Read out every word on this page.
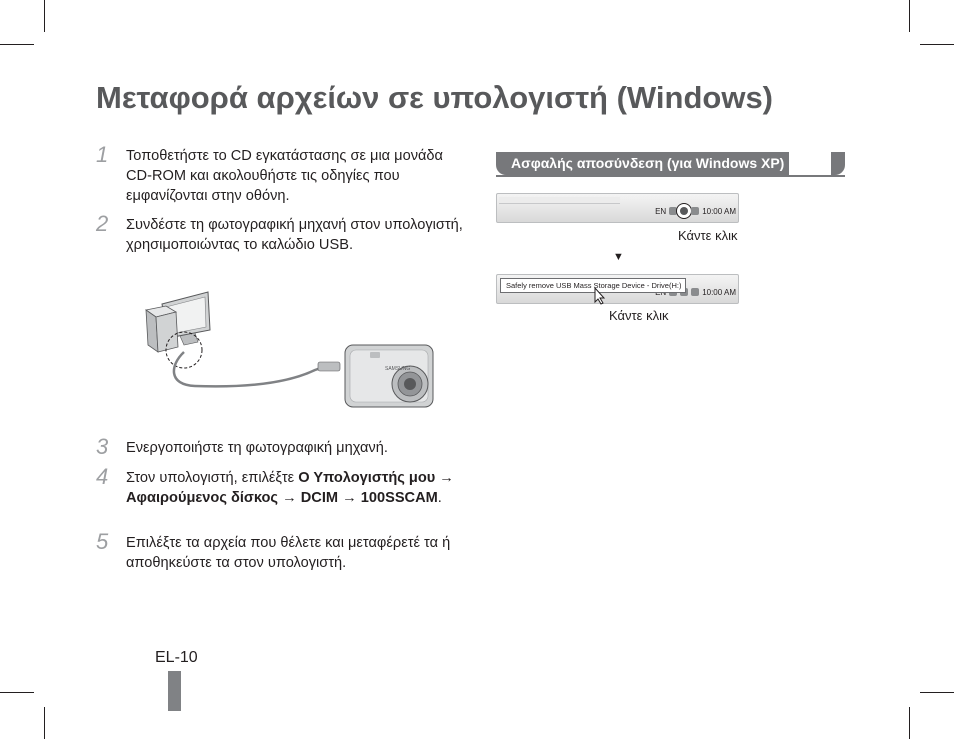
Μεταφορά αρχείων σε υπολογιστή (Windows)
1	Τοποθετήστε το CD εγκατάστασης σε μια μονάδα CD-ROM και ακολουθήστε τις οδηγίες που εμφανίζονται στην οθόνη.
2	Συνδέστε τη φωτογραφική μηχανή στον υπολογιστή, χρησιμοποιώντας το καλώδιο USB.
SAMSUNG
3	Ενεργοποιήστε τη φωτογραφική μηχανή.
4	Στον υπολογιστή, επιλέξτε Ο Υπολογιστής μου → Αφαιρούμενος δίσκος → DCIM → 100SSCAM.
5	Επιλέξτε τα αρχεία που θέλετε και μεταφέρετέ τα ή αποθηκεύστε τα στον υπολογιστή.
Ασφαλής αποσύνδεση (για Windows XP)
EN	10:00 AM
Κάντε κλικ
▼
10:00 AM
Safely remove USB Mass Storage Device - Drive(H:)
Κάντε κλικ
EL-10
